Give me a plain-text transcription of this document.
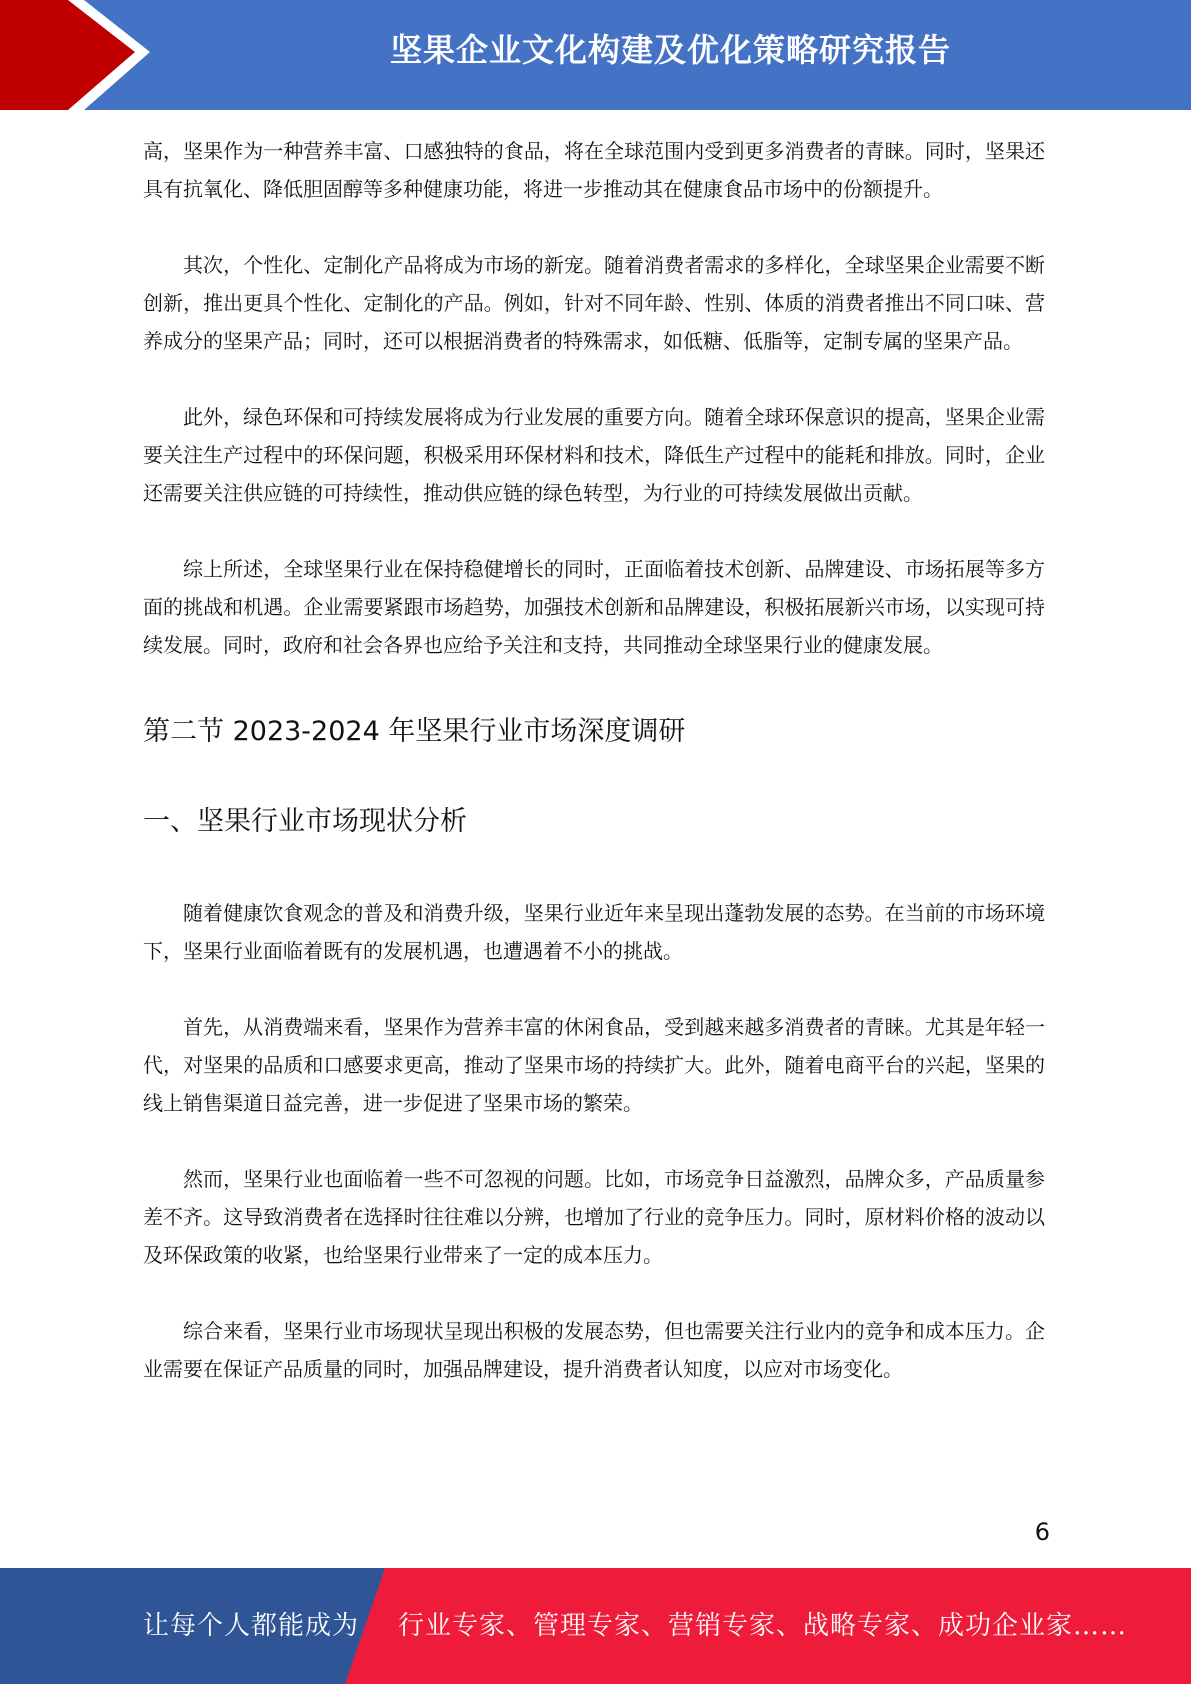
坚果企业文化构建及优化策略研究报告

高，坚果作为一种营养丰富、口感独特的食品，将在全球范围内受到更多消费者的青睐。同时，坚果还具有抗氧化、降低胆固醇等多种健康功能，将进一步推动其在健康食品市场中的份额提升。

其次，个性化、定制化产品将成为市场的新宠。随着消费者需求的多样化，全球坚果企业需要不断创新，推出更具个性化、定制化的产品。例如，针对不同年龄、性别、体质的消费者推出不同口味、营养成分的坚果产品；同时，还可以根据消费者的特殊需求，如低糖、低脂等，定制专属的坚果产品。

此外，绿色环保和可持续发展将成为行业发展的重要方向。随着全球环保意识的提高，坚果企业需要关注生产过程中的环保问题，积极采用环保材料和技术，降低生产过程中的能耗和排放。同时，企业还需要关注供应链的可持续性，推动供应链的绿色转型，为行业的可持续发展做出贡献。

综上所述，全球坚果行业在保持稳健增长的同时，正面临着技术创新、品牌建设、市场拓展等多方面的挑战和机遇。企业需要紧跟市场趋势，加强技术创新和品牌建设，积极拓展新兴市场，以实现可持续发展。同时，政府和社会各界也应给予关注和支持，共同推动全球坚果行业的健康发展。

第二节 2023-2024 年坚果行业市场深度调研
一、坚果行业市场现状分析

随着健康饮食观念的普及和消费升级，坚果行业近年来呈现出蓬勃发展的态势。在当前的市场环境下，坚果行业面临着既有的发展机遇，也遭遇着不小的挑战。

首先，从消费端来看，坚果作为营养丰富的休闲食品，受到越来越多消费者的青睐。尤其是年轻一代，对坚果的品质和口感要求更高，推动了坚果市场的持续扩大。此外，随着电商平台的兴起，坚果的线上销售渠道日益完善，进一步促进了坚果市场的繁荣。

然而，坚果行业也面临着一些不可忽视的问题。比如，市场竞争日益激烈，品牌众多，产品质量参差不齐。这导致消费者在选择时往往难以分辨，也增加了行业的竞争压力。同时，原材料价格的波动以及环保政策的收紧，也给坚果行业带来了一定的成本压力。

综合来看，坚果行业市场现状呈现出积极的发展态势，但也需要关注行业内的竞争和成本压力。企业需要在保证产品质量的同时，加强品牌建设，提升消费者认知度，以应对市场变化。

6
让每个人都能成为 行业专家、管理专家、营销专家、战略专家、成功企业家……
